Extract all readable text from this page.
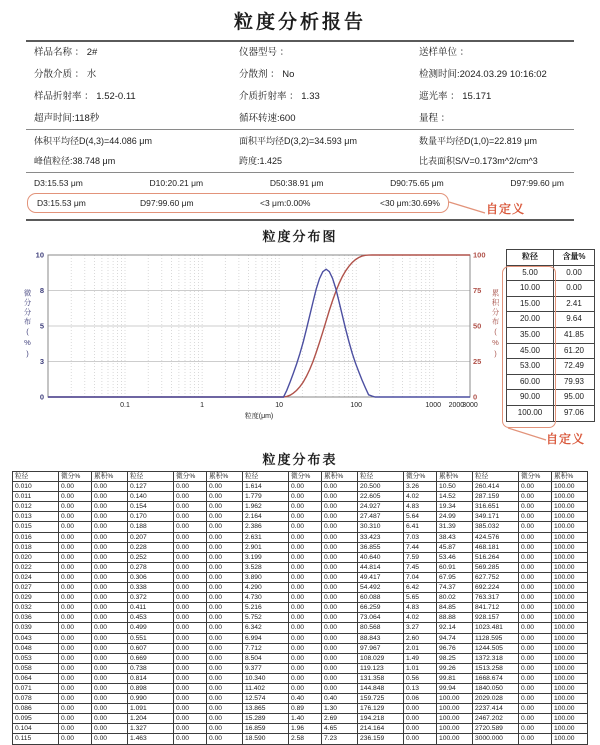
粒度分析报告
样品名称 ： 2#	仪器型号 ：	送样单位 ：
分散介质 ： 水	分散剂 ： No	检测时间:2024.03.29 10:16:02
样品折射率 ： 1.52-0.11	介质折射率 ： 1.33	遮光率 ： 15.171
超声时间:118秒	循环转速:600	量程 ：
体积平均径D(4,3)=44.086 μm	面积平均径D(3,2)=34.593 μm	数量平均径D(1,0)=22.819 μm
峰值粒径:38.748 μm	跨度:1.425	比表面积S/V=0.173m^2/cm^3
D3:15.53 μm	D10:20.21 μm	D50:38.91 μm	D90:75.65 μm	D97:99.60 μm
D3:15.53 μm	D97:99.60 μm	<3 μm:0.00%	<30 μm:30.69%	自定义
粒度分布图
微分分布(%)
10
8
5
3
0
100
75
50
25
0
0.1	1	10	100	1000 2000
3000
粒度(μm)
累积分布(%)
粒径	含量%
5.00	0.00
10.00	0.00
15.00	2.41
20.00	9.64
35.00	41.85
45.00	61.20
53.00	72.49
60.00	79.93
90.00	95.00
100.00	97.06
自定义
粒度分布表
粒径	微分%	累积%	粒径	微分%	累积%	粒径	微分%	累积%	粒径	微分%	累积%	粒径	微分%	累积%
0.010	0.00	0.00	0.127	0.00	0.00	1.614	0.00	0.00	20.500	3.26	10.50	260.414	0.00	100.00
0.011	0.00	0.00	0.140	0.00	0.00	1.779	0.00	0.00	22.605	4.02	14.52	287.159	0.00	100.00
0.012	0.00	0.00	0.154	0.00	0.00	1.962	0.00	0.00	24.927	4.83	19.34	316.651	0.00	100.00
0.013	0.00	0.00	0.170	0.00	0.00	2.164	0.00	0.00	27.487	5.64	24.99	349.171	0.00	100.00
0.015	0.00	0.00	0.188	0.00	0.00	2.386	0.00	0.00	30.310	6.41	31.39	385.032	0.00	100.00
0.016	0.00	0.00	0.207	0.00	0.00	2.631	0.00	0.00	33.423	7.03	38.43	424.576	0.00	100.00
0.018	0.00	0.00	0.228	0.00	0.00	2.901	0.00	0.00	36.855	7.44	45.87	468.181	0.00	100.00
0.020	0.00	0.00	0.252	0.00	0.00	3.199	0.00	0.00	40.640	7.59	53.46	516.264	0.00	100.00
0.022	0.00	0.00	0.278	0.00	0.00	3.528	0.00	0.00	44.814	7.45	60.91	569.285	0.00	100.00
0.024	0.00	0.00	0.306	0.00	0.00	3.890	0.00	0.00	49.417	7.04	67.95	627.752	0.00	100.00
0.027	0.00	0.00	0.338	0.00	0.00	4.290	0.00	0.00	54.492	6.42	74.37	692.224	0.00	100.00
0.029	0.00	0.00	0.372	0.00	0.00	4.730	0.00	0.00	60.088	5.65	80.02	763.317	0.00	100.00
0.032	0.00	0.00	0.411	0.00	0.00	5.216	0.00	0.00	66.259	4.83	84.85	841.712	0.00	100.00
0.036	0.00	0.00	0.453	0.00	0.00	5.752	0.00	0.00	73.064	4.02	88.88	928.157	0.00	100.00
0.039	0.00	0.00	0.499	0.00	0.00	6.342	0.00	0.00	80.568	3.27	92.14	1023.481	0.00	100.00
0.043	0.00	0.00	0.551	0.00	0.00	6.994	0.00	0.00	88.843	2.60	94.74	1128.595	0.00	100.00
0.048	0.00	0.00	0.607	0.00	0.00	7.712	0.00	0.00	97.967	2.01	96.76	1244.505	0.00	100.00
0.053	0.00	0.00	0.669	0.00	0.00	8.504	0.00	0.00	108.029	1.49	98.25	1372.318	0.00	100.00
0.058	0.00	0.00	0.738	0.00	0.00	9.377	0.00	0.00	119.123	1.01	99.26	1513.258	0.00	100.00
0.064	0.00	0.00	0.814	0.00	0.00	10.340	0.00	0.00	131.358	0.56	99.81	1668.674	0.00	100.00
0.071	0.00	0.00	0.898	0.00	0.00	11.402	0.00	0.00	144.848	0.13	99.94	1840.050	0.00	100.00
0.078	0.00	0.00	0.990	0.00	0.00	12.574	0.40	0.40	159.725	0.06	100.00	2029.028	0.00	100.00
0.086	0.00	0.00	1.091	0.00	0.00	13.865	0.89	1.30	176.129	0.00	100.00	2237.414	0.00	100.00
0.095	0.00	0.00	1.204	0.00	0.00	15.289	1.40	2.69	194.218	0.00	100.00	2467.202	0.00	100.00
0.104	0.00	0.00	1.327	0.00	0.00	16.859	1.96	4.65	214.164	0.00	100.00	2720.589	0.00	100.00
0.115	0.00	0.00	1.463	0.00	0.00	18.590	2.58	7.23	236.159	0.00	100.00	3000.000	0.00	100.00
